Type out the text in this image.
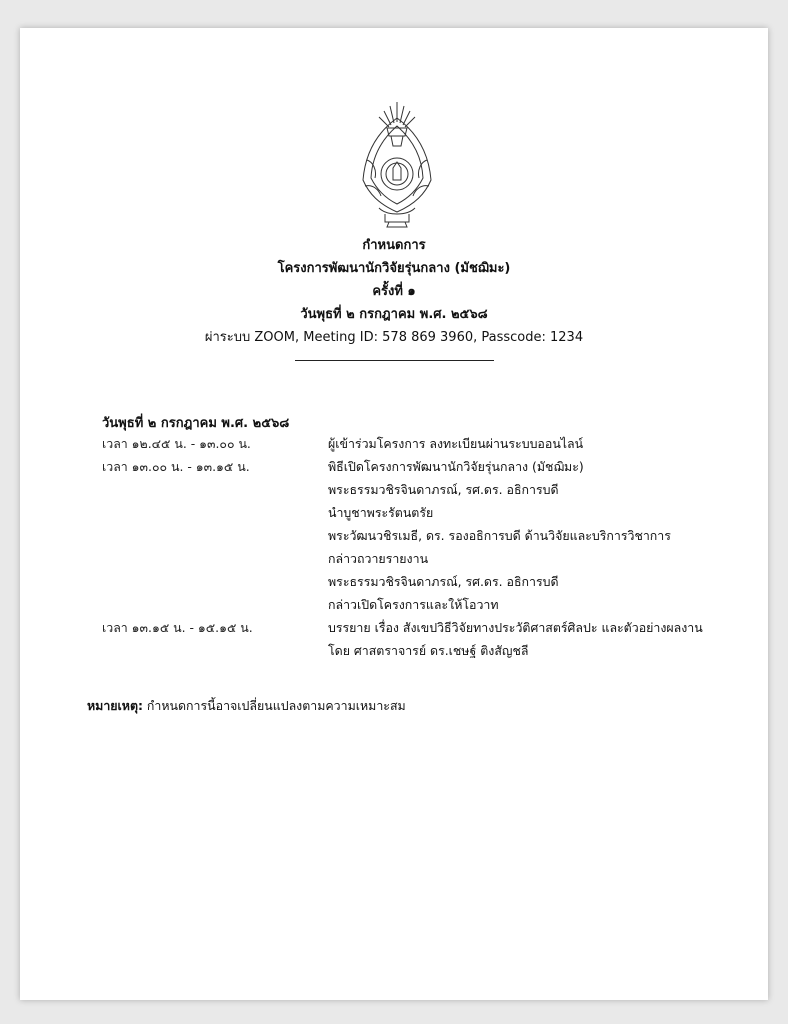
กำหนดการ
โครงการพัฒนานักวิจัยรุ่นกลาง (มัชฌิมะ)
ครั้งที่ ๑
วันพุธที่ ๒ กรกฎาคม พ.ศ. ๒๕๖๘
ผ่าระบบ ZOOM, Meeting ID: 578 869 3960, Passcode: 1234
วันพุธที่ ๒ กรกฎาคม พ.ศ. ๒๕๖๘
เวลา ๑๒.๔๕ น. - ๑๓.๐๐ น.	ผู้เข้าร่วมโครงการ ลงทะเบียนผ่านระบบออนไลน์
เวลา ๑๓.๐๐ น. - ๑๓.๑๕ น.	พิธีเปิดโครงการพัฒนานักวิจัยรุ่นกลาง (มัชฌิมะ)
พระธรรมวชิรจินดาภรณ์, รศ.ดร. อธิการบดี
นำบูชาพระรัตนตรัย
พระวัฒนวชิรเมธี, ดร. รองอธิการบดี ด้านวิจัยและบริการวิชาการ
กล่าวถวายรายงาน
พระธรรมวชิรจินดาภรณ์, รศ.ดร. อธิการบดี
กล่าวเปิดโครงการและให้โอวาท
เวลา ๑๓.๑๕ น. - ๑๕.๑๕ น.	บรรยาย เรื่อง สังเขปวิธีวิจัยทางประวัติศาสตร์ศิลปะ และตัวอย่างผลงาน
โดย ศาสตราจารย์ ดร.เชษฐ์ ติงสัญชลี
หมายเหตุ: กำหนดการนี้อาจเปลี่ยนแปลงตามความเหมาะสม
